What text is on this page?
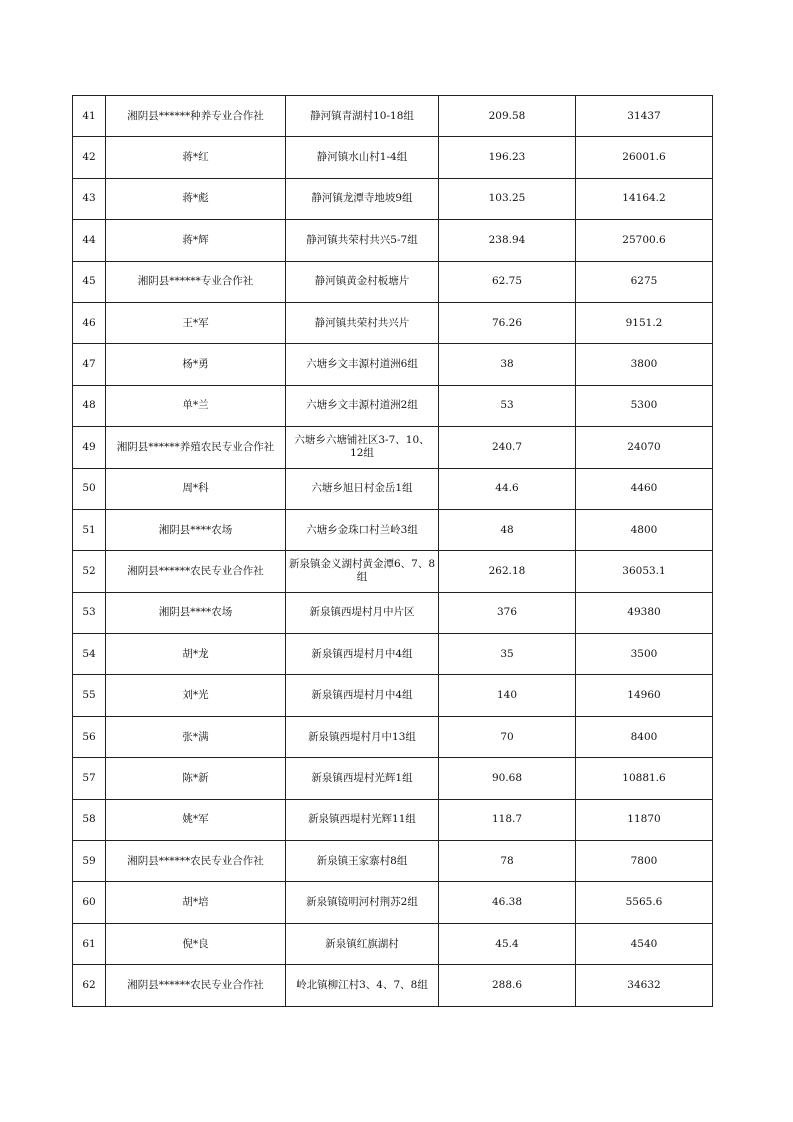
41	湘阴县******种养专业合作社	静河镇青湖村10-18组	209.58	31437
42	蒋*红	静河镇水山村1-4组	196.23	26001.6
43	蒋*彪	静河镇龙潭寺地坡9组	103.25	14164.2
44	蒋*辉	静河镇共荣村共兴5-7组	238.94	25700.6
45	湘阴县******专业合作社	静河镇黄金村板塘片	62.75	6275
46	王*军	静河镇共荣村共兴片	76.26	9151.2
47	杨*勇	六塘乡文丰源村道洲6组	38	3800
48	单*兰	六塘乡文丰源村道洲2组	53	5300
49	湘阴县******养殖农民专业合作社	六塘乡六塘铺社区3-7、10、12组	240.7	24070
50	周*科	六塘乡旭日村金岳1组	44.6	4460
51	湘阴县****农场	六塘乡金珠口村兰岭3组	48	4800
52	湘阴县******农民专业合作社	新泉镇金义湖村黄金潭6、7、8组	262.18	36053.1
53	湘阴县****农场	新泉镇西堤村月中片区	376	49380
54	胡*龙	新泉镇西堤村月中4组	35	3500
55	刘*光	新泉镇西堤村月中4组	140	14960
56	张*满	新泉镇西堤村月中13组	70	8400
57	陈*新	新泉镇西堤村光辉1组	90.68	10881.6
58	姚*军	新泉镇西堤村光辉11组	118.7	11870
59	湘阴县******农民专业合作社	新泉镇王家寨村8组	78	7800
60	胡*培	新泉镇镜明河村荆苏2组	46.38	5565.6
61	倪*良	新泉镇红旗湖村	45.4	4540
62	湘阴县******农民专业合作社	岭北镇柳江村3、4、7、8组	288.6	34632
